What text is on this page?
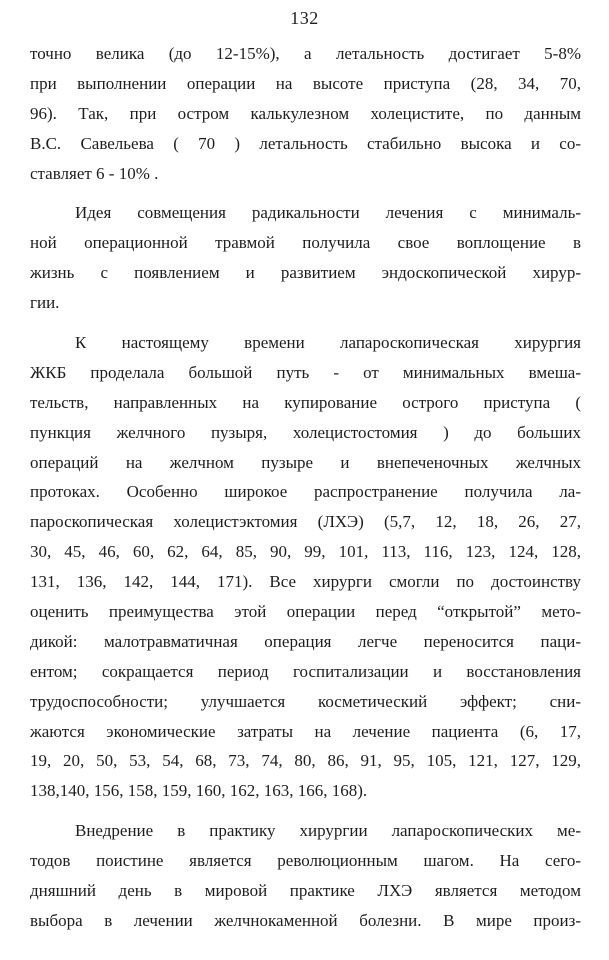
132
точно велика (до 12-15%), а летальность достигает 5-8%
при выполнении операции на высоте приступа (28, 34, 70,
96). Так, при остром калькулезном холецистите, по данным
В.С. Савельева ( 70 ) летальность стабильно высока и со-
ставляет 6 - 10% .
Идея совмещения радикальности лечения с минималь-
ной операционной травмой получила свое воплощение в
жизнь с появлением и развитием эндоскопической хирур-
гии.
К настоящему времени лапароскопическая хирургия
ЖКБ проделала большой путь - от минимальных вмеша-
тельств, направленных на купирование острого приступа (
пункция желчного пузыря, холецистостомия ) до больших
операций на желчном пузыре и внепеченочных желчных
протоках. Особенно широкое распространение получила ла-
пароскопическая холецистэктомия (ЛХЭ) (5,7, 12, 18, 26, 27,
30, 45, 46, 60, 62, 64, 85, 90, 99, 101, 113, 116, 123, 124, 128,
131, 136, 142, 144, 171). Все хирурги смогли по достоинству
оценить преимущества этой операции перед “открытой” мето-
дикой: малотравматичная операция легче переносится паци-
ентом; сокращается период госпитализации и восстановления
трудоспособности; улучшается косметический эффект; сни-
жаются экономические затраты на лечение пациента (6, 17,
19, 20, 50, 53, 54, 68, 73, 74, 80, 86, 91, 95, 105, 121, 127, 129,
138,140, 156, 158, 159, 160, 162, 163, 166, 168).
Внедрение в практику хирургии лапароскопических ме-
тодов поистине является революционным шагом. На сего-
дняшний день в мировой практике ЛХЭ является методом
выбора в лечении желчнокаменной болезни. В мире произ-
